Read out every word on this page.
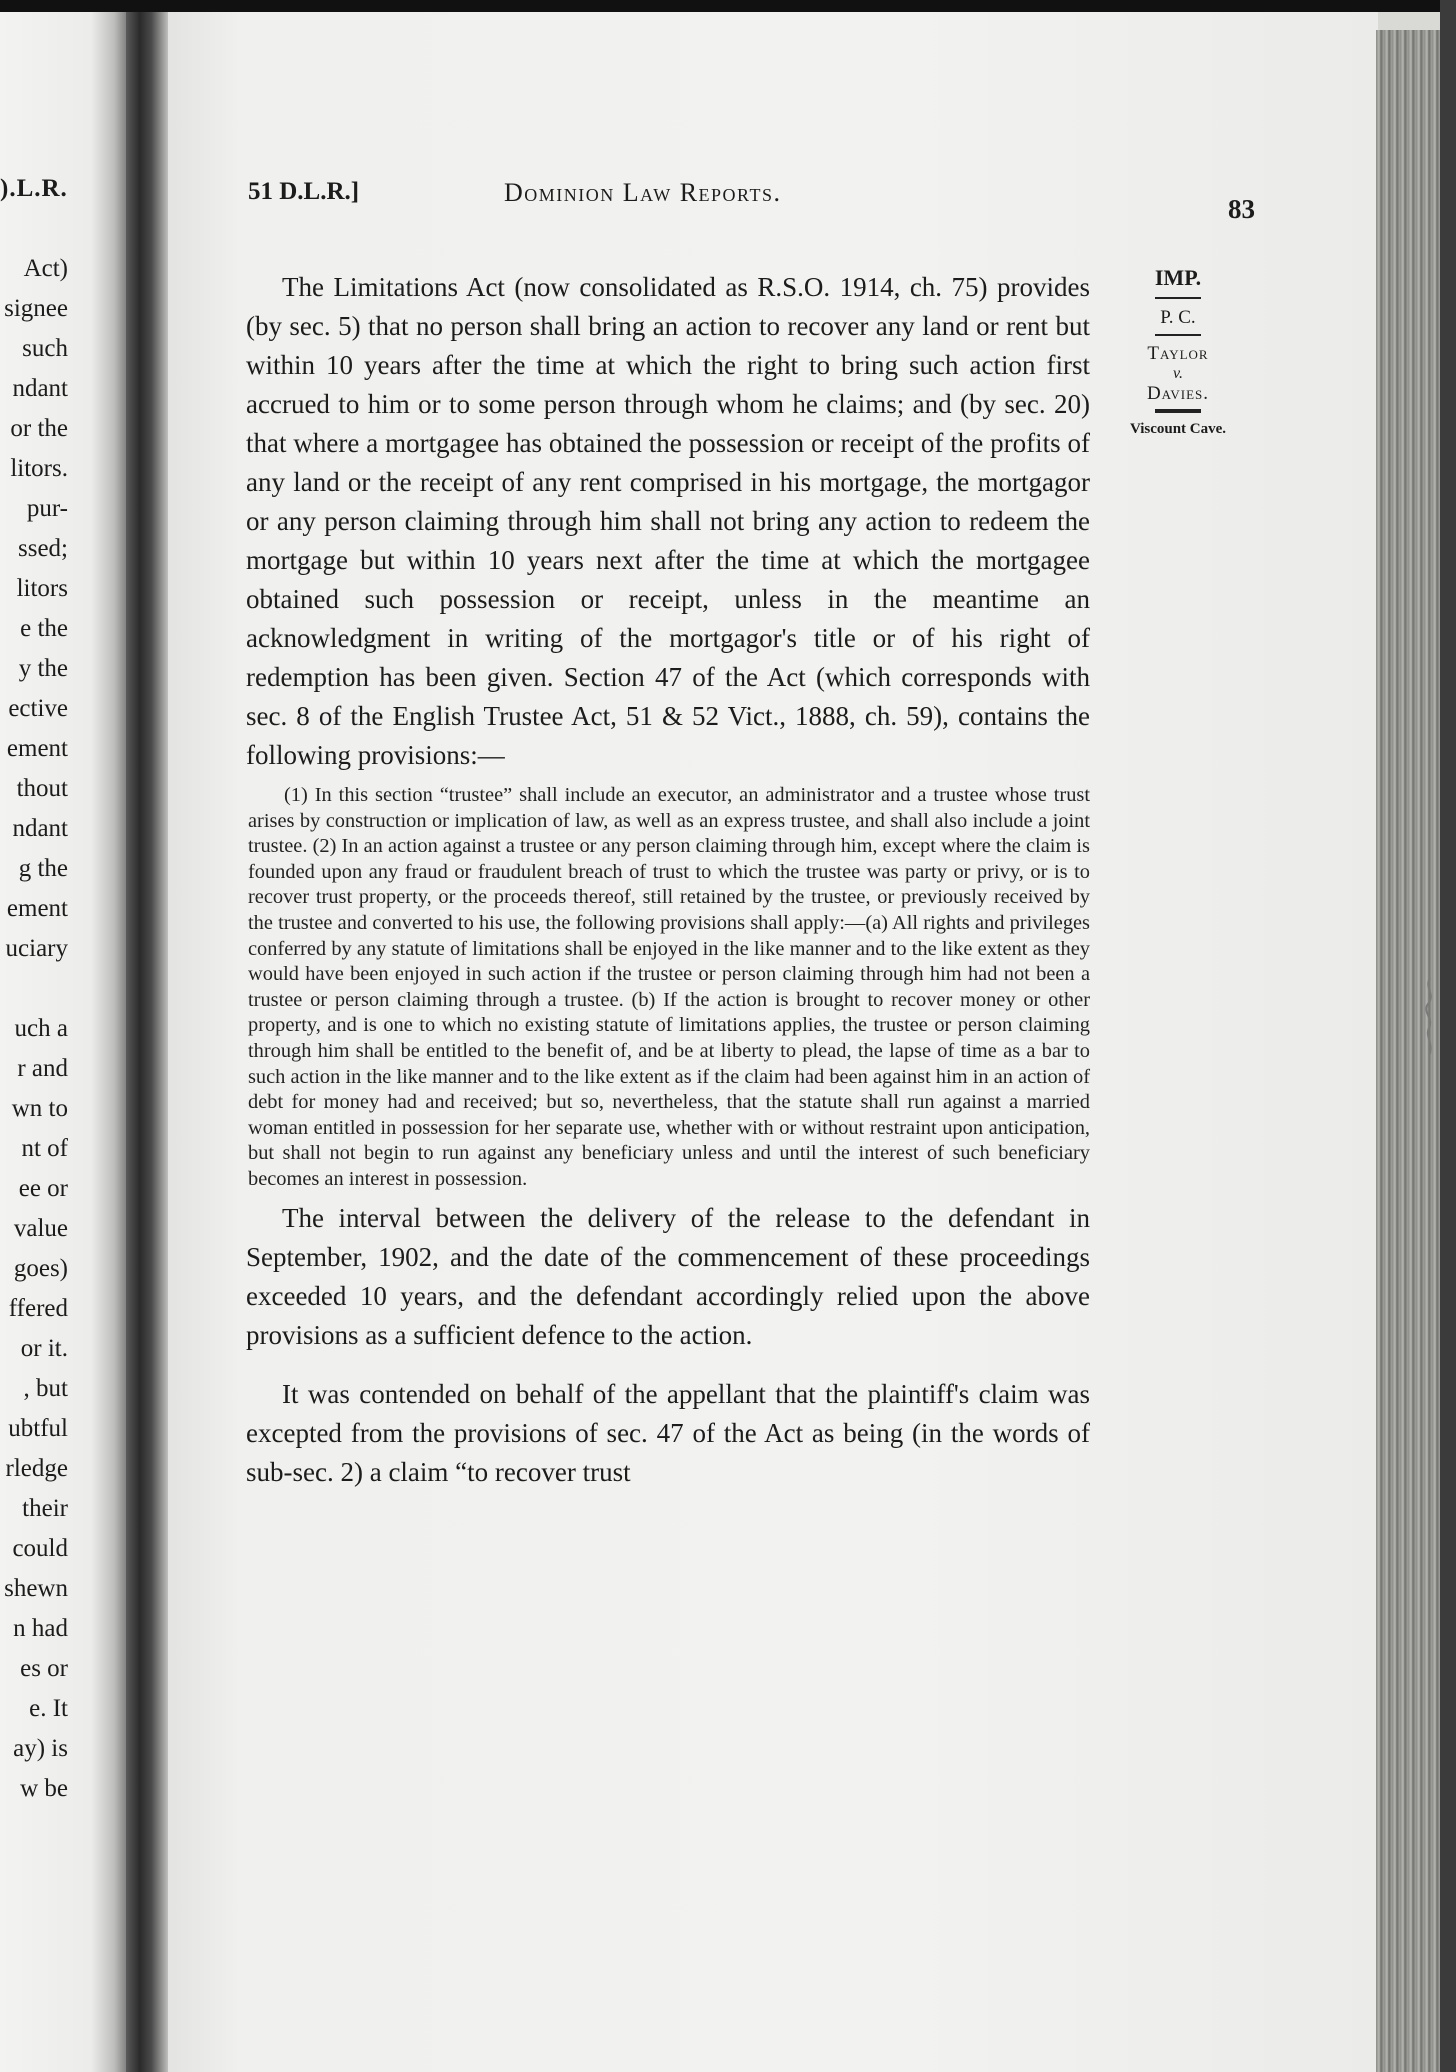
).L.R.
Act)
signee
such
ndant
or the
litors.
pur-
ssed;
litors
e the
y the
ective
ement
thout
ndant
g the
ement
uciary

uch a
r and
wn to
nt of
ee or
value
goes)
ffered
or it.
, but
ubtful
rledge
their
could
shewn
n had
es or
e. It
ay) is
w be
51 D.L.R.]	Dominion Law Reports.
83
IMP.
P. C.
Taylor
v.
Davies.
Viscount Cave.

The Limitations Act (now consolidated as R.S.O. 1914, ch. 75) provides (by sec. 5) that no person shall bring an action to recover any land or rent but within 10 years after the time at which the right to bring such action first accrued to him or to some person through whom he claims; and (by sec. 20) that where a mortgagee has obtained the possession or receipt of the profits of any land or the receipt of any rent comprised in his mortgage, the mortgagor or any person claiming through him shall not bring any action to redeem the mortgage but within 10 years next after the time at which the mortgagee obtained such possession or receipt, unless in the meantime an acknowledgment in writing of the mortgagor's title or of his right of redemption has been given. Section 47 of the Act (which corresponds with sec. 8 of the English Trustee Act, 51 & 52 Vict., 1888, ch. 59), contains the following provisions:—

(1) In this section “trustee” shall include an executor, an administrator and a trustee whose trust arises by construction or implication of law, as well as an express trustee, and shall also include a joint trustee. (2) In an action against a trustee or any person claiming through him, except where the claim is founded upon any fraud or fraudulent breach of trust to which the trustee was party or privy, or is to recover trust property, or the proceeds thereof, still retained by the trustee, or previously received by the trustee and converted to his use, the following provisions shall apply:—(a) All rights and privileges conferred by any statute of limitations shall be enjoyed in the like manner and to the like extent as they would have been enjoyed in such action if the trustee or person claiming through him had not been a trustee or person claiming through a trustee. (b) If the action is brought to recover money or other property, and is one to which no existing statute of limitations applies, the trustee or person claiming through him shall be entitled to the benefit of, and be at liberty to plead, the lapse of time as a bar to such action in the like manner and to the like extent as if the claim had been against him in an action of debt for money had and received; but so, nevertheless, that the statute shall run against a married woman entitled in possession for her separate use, whether with or without restraint upon anticipation, but shall not begin to run against any beneficiary unless and until the interest of such beneficiary becomes an interest in possession.

The interval between the delivery of the release to the defendant in September, 1902, and the date of the commencement of these proceedings exceeded 10 years, and the defendant accordingly relied upon the above provisions as a sufficient defence to the action.

It was contended on behalf of the appellant that the plaintiff's claim was excepted from the provisions of sec. 47 of the Act as being (in the words of sub-sec. 2) a claim “to recover trust
